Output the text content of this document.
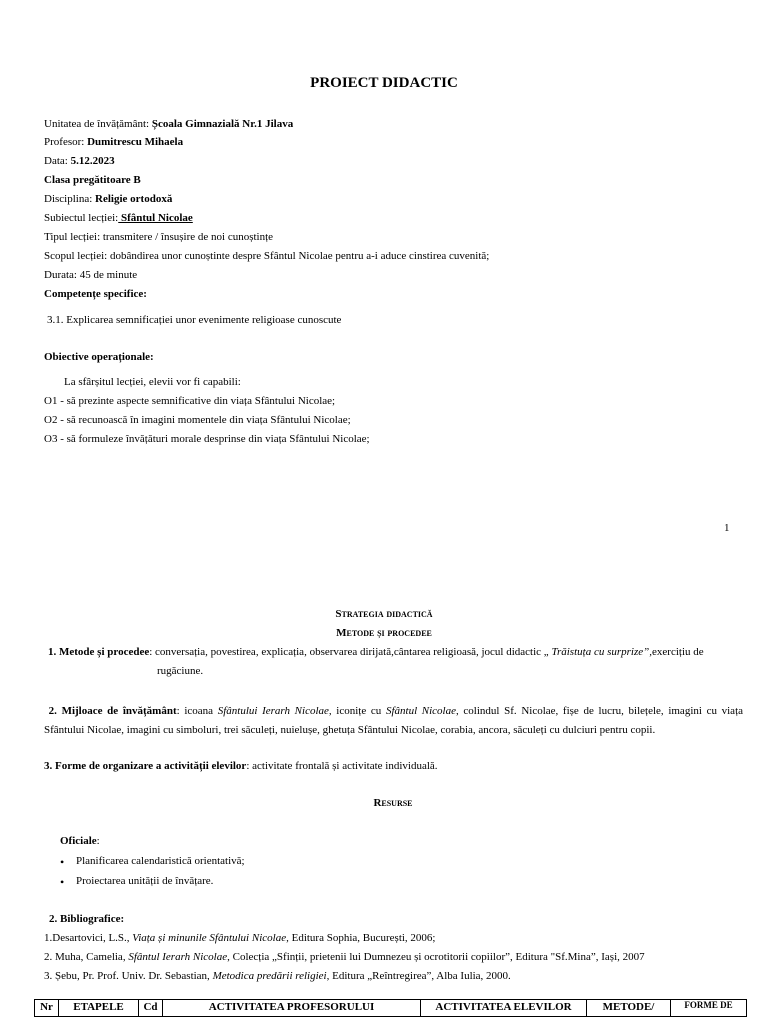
PROIECT DIDACTIC
Unitatea de învățământ: Școala Gimnazială Nr.1 Jilava
Profesor: Dumitrescu Mihaela
Data: 5.12.2023
Clasa pregătitoare B
Disciplina: Religie ortodoxă
Subiectul lecției: Sfântul Nicolae
Tipul lecției: transmitere / însușire de noi cunoștințe
Scopul lecției: dobândirea unor cunoștinte despre Sfântul Nicolae pentru a-i aduce cinstirea cuvenită;
Durata: 45 de minute
Competențe specifice:
3.1. Explicarea semnificației unor evenimente religioase cunoscute
Obiective operaționale:
La sfârșitul lecției, elevii vor fi capabili:
O1 - să prezinte aspecte semnificative din viața Sfântului Nicolae;
O2 - să recunoască în imagini momentele din viața Sfântului Nicolae;
O3 - să formuleze învățături morale desprinse din viața Sfântului Nicolae;
1
Strategia didactică
Metode și procedee
1. Metode și procedee: conversația, povestirea, explicația, observarea dirijată,cântarea religioasă, jocul didactic „ Trăistuța cu surprize”,exercițiu de
rugăciune.
2. Mijloace de învățământ: icoana Sfântului Ierarh Nicolae, iconițe cu Sfântul Nicolae, colindul Sf. Nicolae, fișe de lucru, bilețele, imagini cu viața Sfântului Nicolae, imagini cu simboluri, trei săculeți, nuielușe, ghetuța Sfântului Nicolae, corabia, ancora, săculeți cu dulciuri pentru copii.
3. Forme de organizare a activității elevilor: activitate frontală și activitate individuală.
Resurse
Oficiale:
• Planificarea calendaristică orientativă;
• Proiectarea unității de învățare.
2. Bibliografice:
1.Desartovici, L.S., Viața și minunile Sfântului Nicolae, Editura Sophia, București, 2006;
2. Muha, Camelia, Sfântul Ierarh Nicolae, Colecția „Sfinții, prietenii lui Dumnezeu și ocrotitorii copiilor”, Editura "Sf.Mina”, Iași, 2007
3. Șebu, Pr. Prof. Univ. Dr. Sebastian, Metodica predării religiei, Editura „Reîntregirea”, Alba Iulia, 2000.
Nr	ETAPELE	Cd	ACTIVITATEA PROFESORULUI	ACTIVITATEA ELEVILOR	METODE/	FORME DE
